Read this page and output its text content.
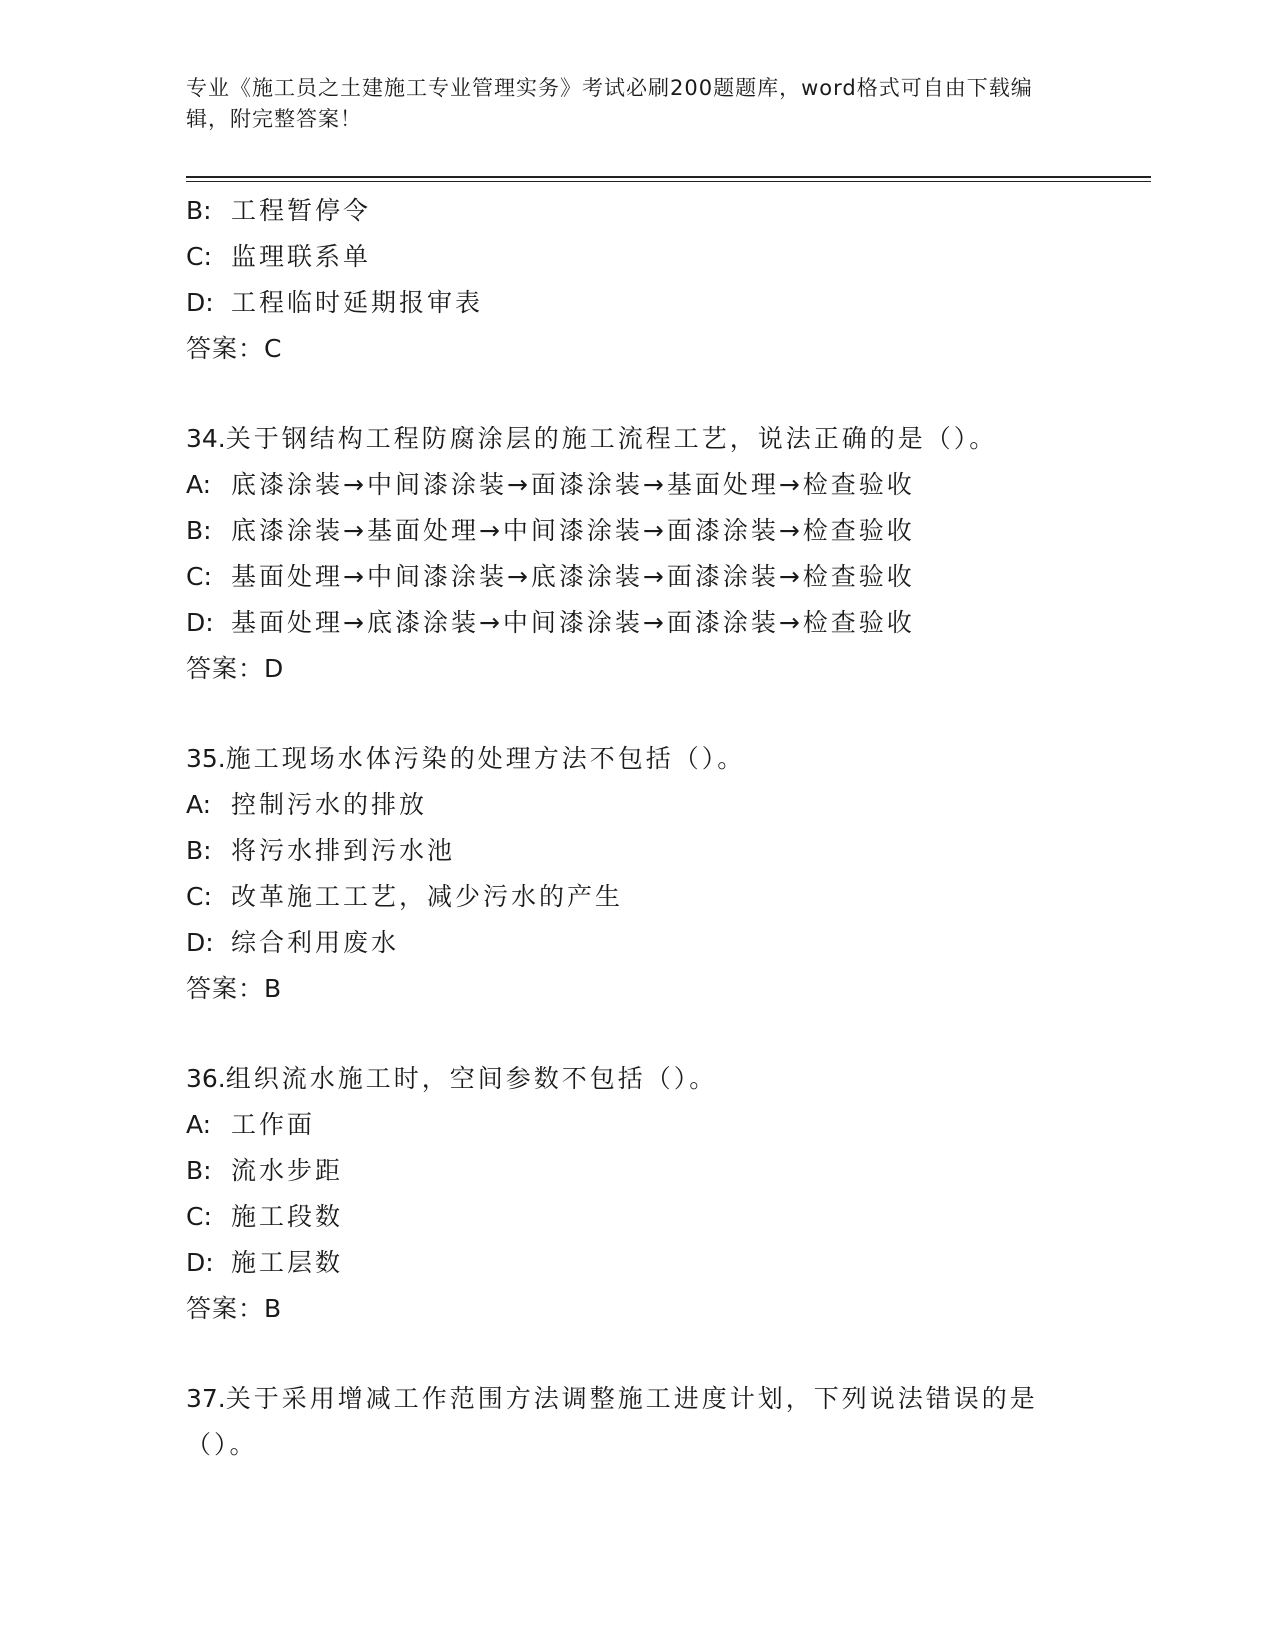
专业《施工员之土建施工专业管理实务》考试必刷200题题库，word格式可自由下载编辑，附完整答案！
B: 工程暂停令
C: 监理联系单
D: 工程临时延期报审表
答案：C
34.关于钢结构工程防腐涂层的施工流程工艺，说法正确的是（）。
A: 底漆涂装→中间漆涂装→面漆涂装→基面处理→检查验收
B: 底漆涂装→基面处理→中间漆涂装→面漆涂装→检查验收
C: 基面处理→中间漆涂装→底漆涂装→面漆涂装→检查验收
D: 基面处理→底漆涂装→中间漆涂装→面漆涂装→检查验收
答案：D
35.施工现场水体污染的处理方法不包括（）。
A: 控制污水的排放
B: 将污水排到污水池
C: 改革施工工艺，减少污水的产生
D: 综合利用废水
答案：B
36.组织流水施工时，空间参数不包括（）。
A: 工作面
B: 流水步距
C: 施工段数
D: 施工层数
答案：B
37.关于采用增减工作范围方法调整施工进度计划，下列说法错误的是（）。
